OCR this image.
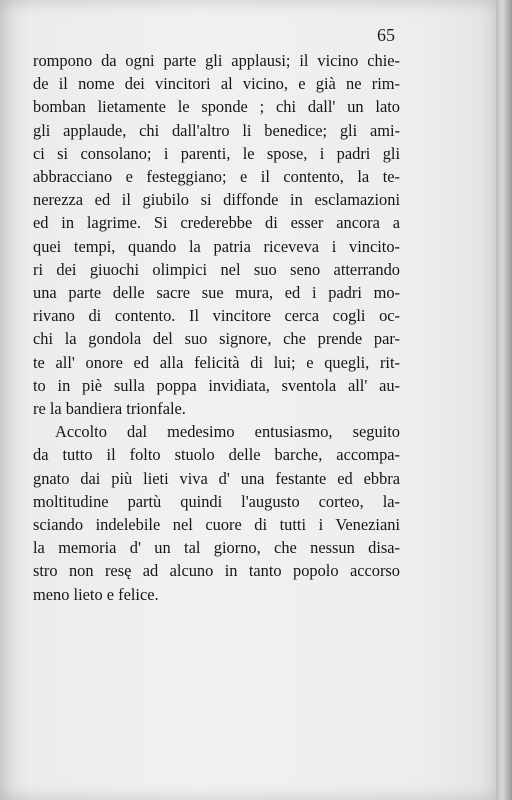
65
rompono da ogni parte gli applausi; il vicino chie-
de il nome dei vincitori al vicino, e già ne rim-
bomban lietamente le sponde ; chi dall' un lato
gli applaude, chi dall'altro li benedice; gli ami-
ci si consolano; i parenti, le spose, i padri gli
abbracciano e festeggiano; e il contento, la te-
nerezza ed il giubilo si diffonde in esclamazioni
ed in lagrime. Si crederebbe di esser ancora a
quei tempi, quando la patria riceveva i vincito-
ri dei giuochi olimpici nel suo seno atterrando
una parte delle sacre sue mura, ed i padri mo-
rivano di contento. Il vincitore cerca cogli oc-
chi la gondola del suo signore, che prende par-
te all' onore ed alla felicità di lui; e quegli, rit-
to in piè sulla poppa invidiata, sventola all' au-
re la bandiera trionfale.
Accolto dal medesimo entusiasmo, seguito
da tutto il folto stuolo delle barche, accompa-
gnato dai più lieti viva d' una festante ed ebbra
moltitudine partù quindi l'augusto corteo, la-
sciando indelebile nel cuore di tutti i Veneziani
la memoria d' un tal giorno, che nessun disa-
stro non resę ad alcuno in tanto popolo accorso
meno lieto e felice.
